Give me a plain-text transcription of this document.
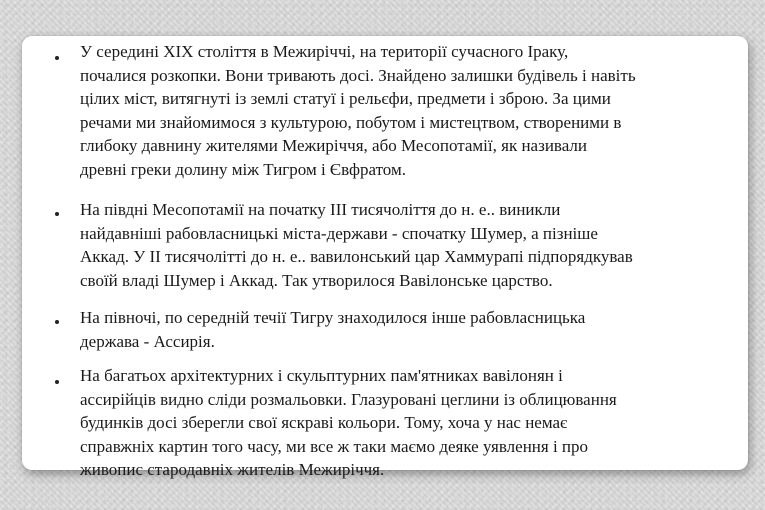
У середині XIX століття в Межиріччі, на території сучасного Іраку,
почалися розкопки. Вони тривають досі. Знайдено залишки будівель і навіть
цілих міст, витягнуті із землі статуї і рельєфи, предмети і зброю. За цими
речами ми знайомимося з культурою, побутом і мистецтвом, створеними в
глибоку давнину жителями Межиріччя, або Месопотамії, як називали
древні греки долину між Тигром і Євфратом.

На півдні Месопотамії на початку ІІІ тисячоліття до н. е.. виникли
найдавніші рабовласницькі міста-держави - спочатку Шумер, а пізніше
Аккад. У ІІ тисячолітті до н. е.. вавилонський цар Хаммурапі підпорядкував
своїй владі Шумер і Аккад. Так утворилося Вавілонське царство.

На півночі, по середній течії Тигру знаходилося інше рабовласницька
держава - Ассирія.

На багатьох архітектурних і скульптурних пам'ятниках вавілонян і
ассирійців видно сліди розмальовки. Глазуровані цеглини із облицювання
будинків досі зберегли свої яскраві кольори. Тому, хоча у нас немає
справжніх картин того часу, ми все ж таки маємо деяке уявлення і про
живопис стародавніх жителів Межиріччя.
